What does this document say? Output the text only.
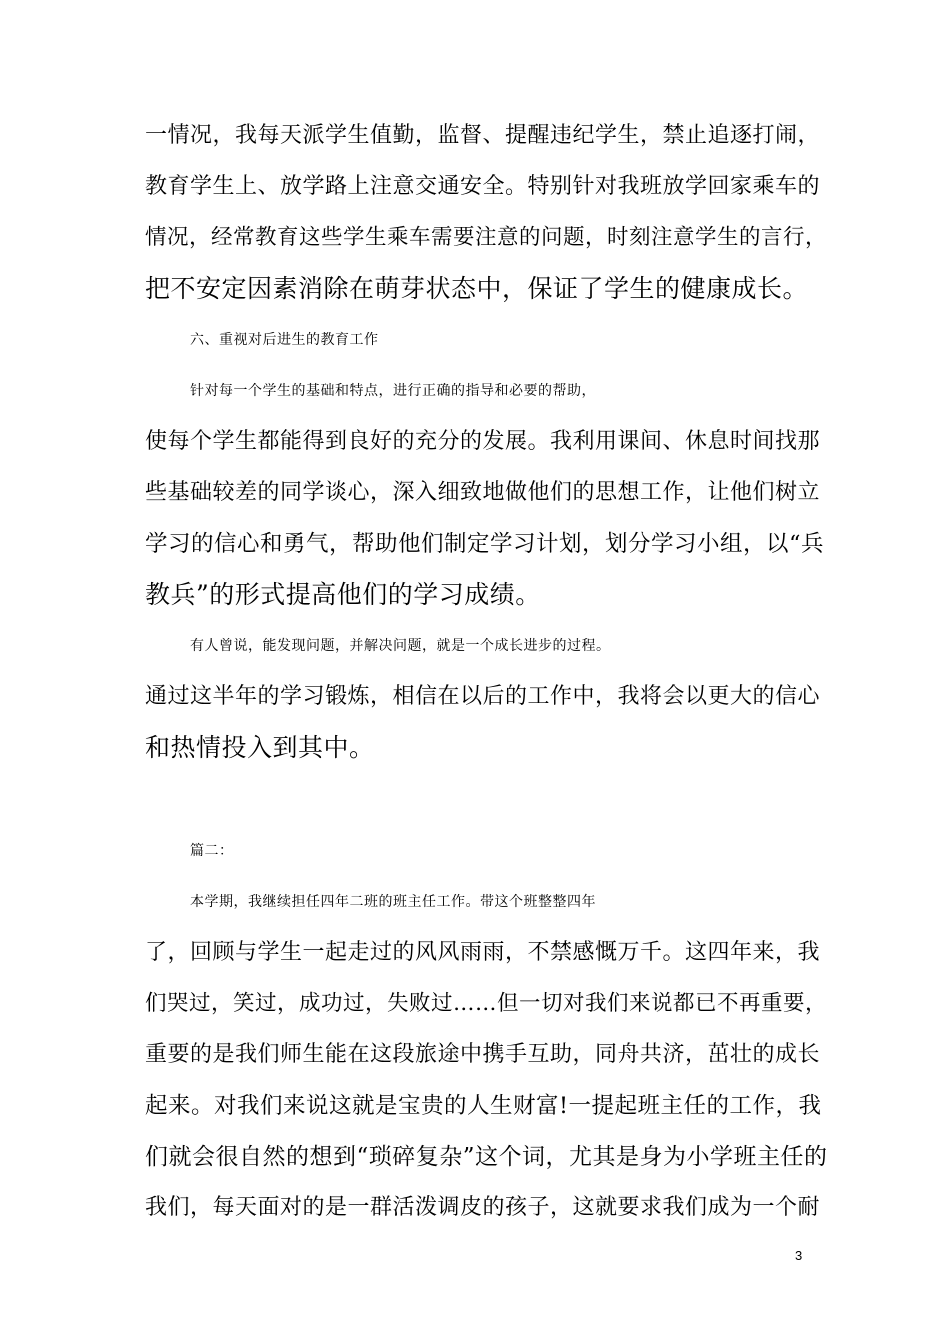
一情况，我每天派学生值勤，监督、提醒违纪学生，禁止追逐打闹，
教育学生上、放学路上注意交通安全。特别针对我班放学回家乘车的
情况，经常教育这些学生乘车需要注意的问题，时刻注意学生的言行，
把不安定因素消除在萌芽状态中，保证了学生的健康成长。
六、重视对后进生的教育工作
针对每一个学生的基础和特点，进行正确的指导和必要的帮助，
使每个学生都能得到良好的充分的发展。我利用课间、休息时间找那
些基础较差的同学谈心，深入细致地做他们的思想工作，让他们树立
学习的信心和勇气，帮助他们制定学习计划，划分学习小组，以“兵
教兵”的形式提高他们的学习成绩。
有人曾说，能发现问题，并解决问题，就是一个成长进步的过程。
通过这半年的学习锻炼，相信在以后的工作中，我将会以更大的信心
和热情投入到其中。
篇二：
本学期，我继续担任四年二班的班主任工作。带这个班整整四年
了，回顾与学生一起走过的风风雨雨，不禁感慨万千。这四年来，我
们哭过，笑过，成功过，失败过……但一切对我们来说都已不再重要，
重要的是我们师生能在这段旅途中携手互助，同舟共济，茁壮的成长
起来。对我们来说这就是宝贵的人生财富!一提起班主任的工作，我
们就会很自然的想到“琐碎复杂”这个词，尤其是身为小学班主任的
我们，每天面对的是一群活泼调皮的孩子，这就要求我们成为一个耐
3
